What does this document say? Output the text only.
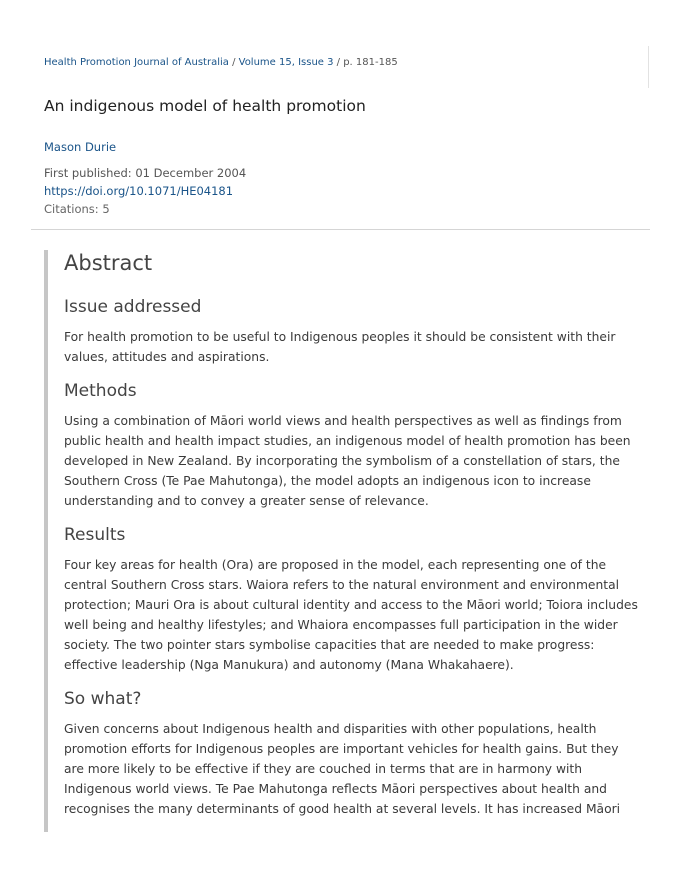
Health Promotion Journal of Australia / Volume 15, Issue 3 / p. 181-185
An indigenous model of health promotion
Mason Durie
First published: 01 December 2004
https://doi.org/10.1071/HE04181
Citations: 5
Abstract
Issue addressed

For health promotion to be useful to Indigenous peoples it should be consistent with their values, attitudes and aspirations.

Methods

Using a combination of Māori world views and health perspectives as well as findings from public health and health impact studies, an indigenous model of health promotion has been developed in New Zealand. By incorporating the symbolism of a constellation of stars, the Southern Cross (Te Pae Mahutonga), the model adopts an indigenous icon to increase understanding and to convey a greater sense of relevance.

Results

Four key areas for health (Ora) are proposed in the model, each representing one of the central Southern Cross stars. Waiora refers to the natural environment and environmental protection; Mauri Ora is about cultural identity and access to the Māori world; Toiora includes well being and healthy lifestyles; and Whaiora encompasses full participation in the wider society. The two pointer stars symbolise capacities that are needed to make progress: effective leadership (Nga Manukura) and autonomy (Mana Whakahaere).

So what?

Given concerns about Indigenous health and disparities with other populations, health promotion efforts for Indigenous peoples are important vehicles for health gains. But they are more likely to be effective if they are couched in terms that are in harmony with Indigenous world views. Te Pae Mahutonga reflects Māori perspectives about health and recognises the many determinants of good health at several levels. It has increased Māori
